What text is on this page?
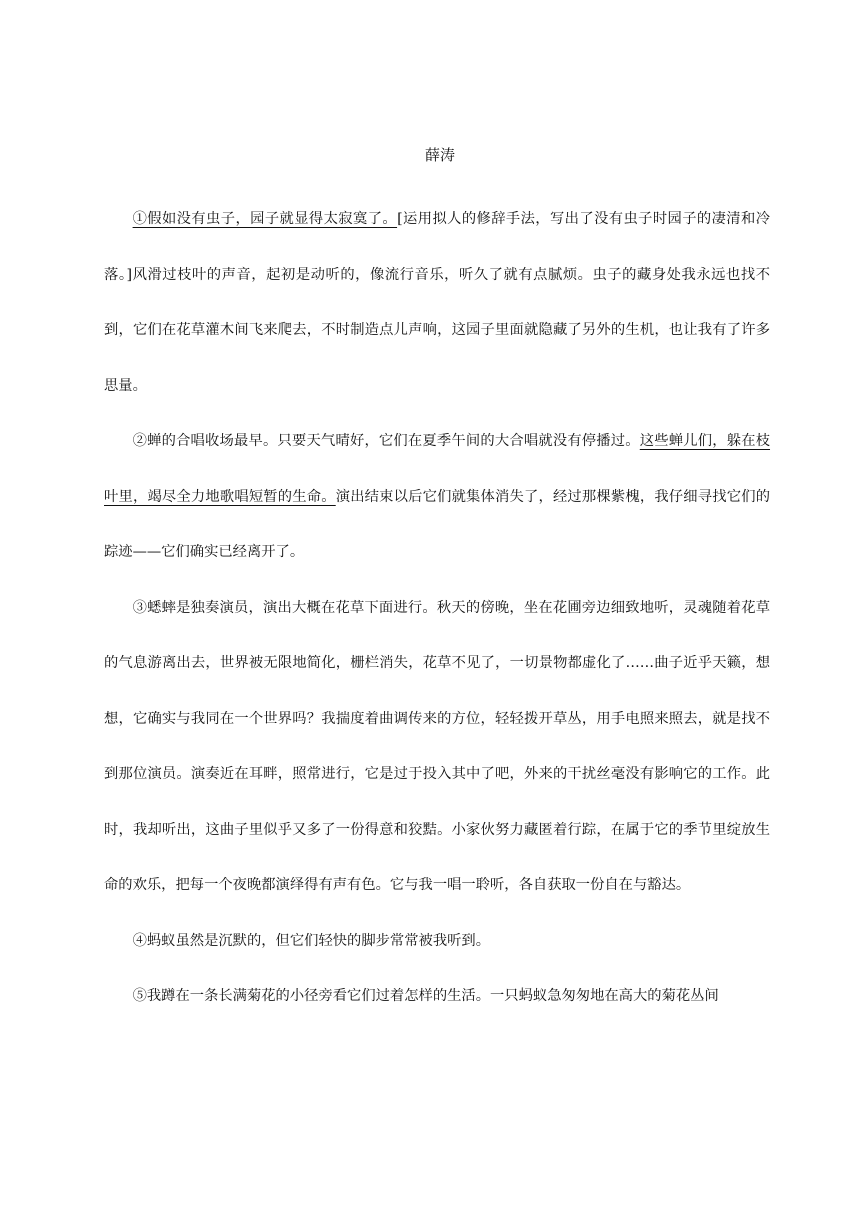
薛涛

①假如没有虫子，园子就显得太寂寞了。[运用拟人的修辞手法，写出了没有虫子时园子的凄清和冷落。]风滑过枝叶的声音，起初是动听的，像流行音乐，听久了就有点腻烦。虫子的藏身处我永远也找不到，它们在花草灌木间飞来爬去，不时制造点儿声响，这园子里面就隐藏了另外的生机，也让我有了许多思量。

②蝉的合唱收场最早。只要天气晴好，它们在夏季午间的大合唱就没有停播过。这些蝉儿们，躲在枝叶里，竭尽全力地歌唱短暂的生命。演出结束以后它们就集体消失了，经过那棵紫槐，我仔细寻找它们的踪迹——它们确实已经离开了。

③蟋蟀是独奏演员，演出大概在花草下面进行。秋天的傍晚，坐在花圃旁边细致地听，灵魂随着花草的气息游离出去，世界被无限地简化，栅栏消失，花草不见了，一切景物都虚化了……曲子近乎天籁，想想，它确实与我同在一个世界吗？我揣度着曲调传来的方位，轻轻拨开草丛，用手电照来照去，就是找不到那位演员。演奏近在耳畔，照常进行，它是过于投入其中了吧，外来的干扰丝毫没有影响它的工作。此时，我却听出，这曲子里似乎又多了一份得意和狡黠。小家伙努力藏匿着行踪，在属于它的季节里绽放生命的欢乐，把每一个夜晚都演绎得有声有色。它与我一唱一聆听，各自获取一份自在与豁达。

④蚂蚁虽然是沉默的，但它们轻快的脚步常常被我听到。

⑤我蹲在一条长满菊花的小径旁看它们过着怎样的生活。一只蚂蚁急匆匆地在高大的菊花丛间
